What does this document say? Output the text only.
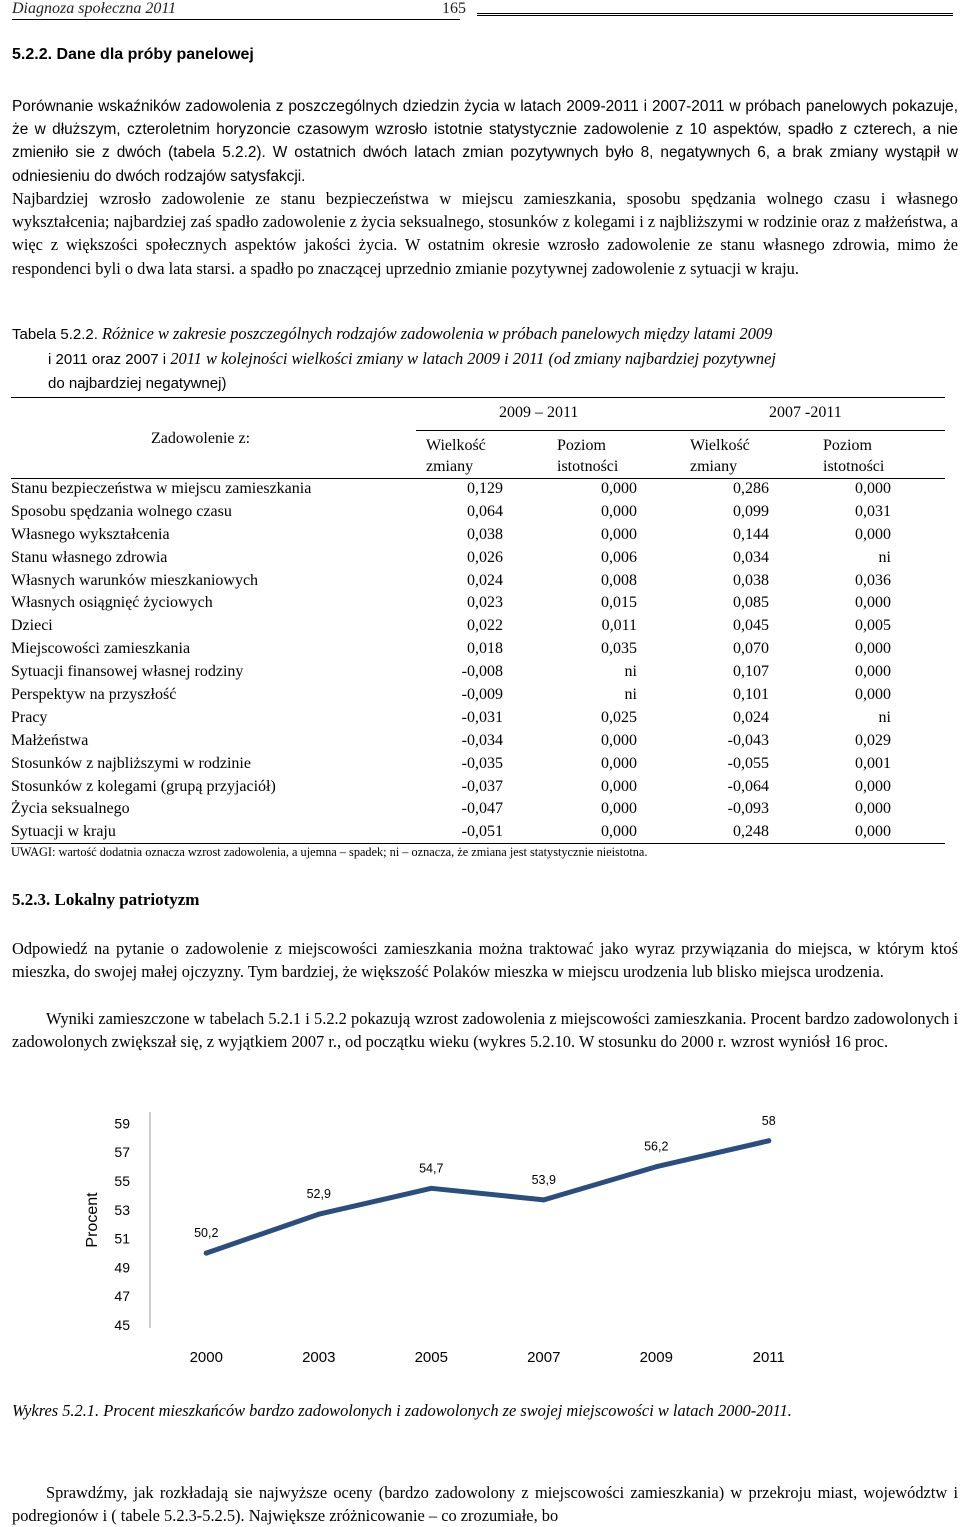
Diagnoza społeczna 2011	165
5.2.2. Dane dla próby panelowej
Porównanie wskaźników zadowolenia z poszczególnych dziedzin życia w latach 2009-2011 i 2007-2011 w próbach panelowych pokazuje, że w dłuższym, czteroletnim horyzoncie czasowym wzrosło istotnie statystycznie zadowolenie z 10 aspektów, spadło z czterech, a nie zmieniło sie z dwóch (tabela 5.2.2). W ostatnich dwóch latach zmian pozytywnych było 8, negatywnych 6, a brak zmiany wystąpił w odniesieniu do dwóch rodzajów satysfakcji.
Najbardziej wzrosło zadowolenie ze stanu bezpieczeństwa w miejscu zamieszkania, sposobu spędzania wolnego czasu i własnego wykształcenia; najbardziej zaś spadło zadowolenie z życia seksualnego, stosunków z kolegami i z najbliższymi w rodzinie oraz z małżeństwa, a więc z większości społecznych aspektów jakości życia. W ostatnim okresie wzrosło zadowolenie ze stanu własnego zdrowia, mimo że respondenci byli o dwa lata starsi. a spadło po znaczącej uprzednio zmianie pozytywnej zadowolenie z sytuacji w kraju.
Tabela 5.2.2. Różnice w zakresie poszczególnych rodzajów zadowolenia w próbach panelowych między latami 2009
i 2011 oraz 2007 i 2011 w kolejności wielkości zmiany w latach 2009 i 2011 (od zmiany najbardziej pozytywnej
do najbardziej negatywnej)
2009 – 2011	2007 -2011
Zadowolenie z:	Wielkość
zmiany
Poziom
istotności
Wielkość
zmiany
Poziom
istotności
Stanu bezpieczeństwa w miejscu zamieszkania	0,129	0,000	0,286	0,000
Sposobu spędzania wolnego czasu	0,064	0,000	0,099	0,031
Własnego wykształcenia	0,038	0,000	0,144	0,000
Stanu własnego zdrowia	0,026	0,006	0,034	ni
Własnych warunków mieszkaniowych	0,024	0,008	0,038	0,036
Własnych osiągnięć życiowych	0,023	0,015	0,085	0,000
Dzieci	0,022	0,011	0,045	0,005
Miejscowości zamieszkania	0,018	0,035	0,070	0,000
Sytuacji finansowej własnej rodziny	-0,008	ni	0,107	0,000
Perspektyw na przyszłość	-0,009	ni	0,101	0,000
Pracy	-0,031	0,025	0,024	ni
Małżeństwa	-0,034	0,000	-0,043	0,029
Stosunków z najbliższymi w rodzinie	-0,035	0,000	-0,055	0,001
Stosunków z kolegami (grupą przyjaciół)	-0,037	0,000	-0,064	0,000
Życia seksualnego	-0,047	0,000	-0,093	0,000
Sytuacji w kraju	-0,051	0,000	0,248	0,000
UWAGI: wartość dodatnia oznacza wzrost zadowolenia, a ujemna – spadek; ni – oznacza, że zmiana jest statystycznie nieistotna.
5.2.3. Lokalny patriotyzm
Odpowiedź na pytanie o zadowolenie z miejscowości zamieszkania można traktować jako wyraz przywiązania do miejsca, w którym ktoś mieszka, do swojej małej ojczyzny. Tym bardziej, że większość Polaków mieszka w miejscu urodzenia lub blisko miejsca urodzenia.
Wyniki zamieszczone w tabelach 5.2.1 i 5.2.2 pokazują wzrost zadowolenia z miejscowości zamieszkania. Procent bardzo zadowolonych i zadowolonych zwiększał się, z wyjątkiem 2007 r., od początku wieku (wykres 5.2.10. W stosunku do 2000 r. wzrost wyniósł 16 proc.
45
47
49
51
53
55
57
59
Procent
2000	2003	2005	2007	2009	2011
50,2
52,9
54,7
53,9
56,2
58
Wykres 5.2.1. Procent mieszkańców bardzo zadowolonych i zadowolonych ze swojej miejscowości w latach 2000-2011.
Sprawdźmy, jak rozkładają sie najwyższe oceny (bardzo zadowolony z miejscowości zamieszkania) w przekroju miast, województw i podregionów i ( tabele 5.2.3-5.2.5). Największe zróżnicowanie – co zrozumiałe, bo
